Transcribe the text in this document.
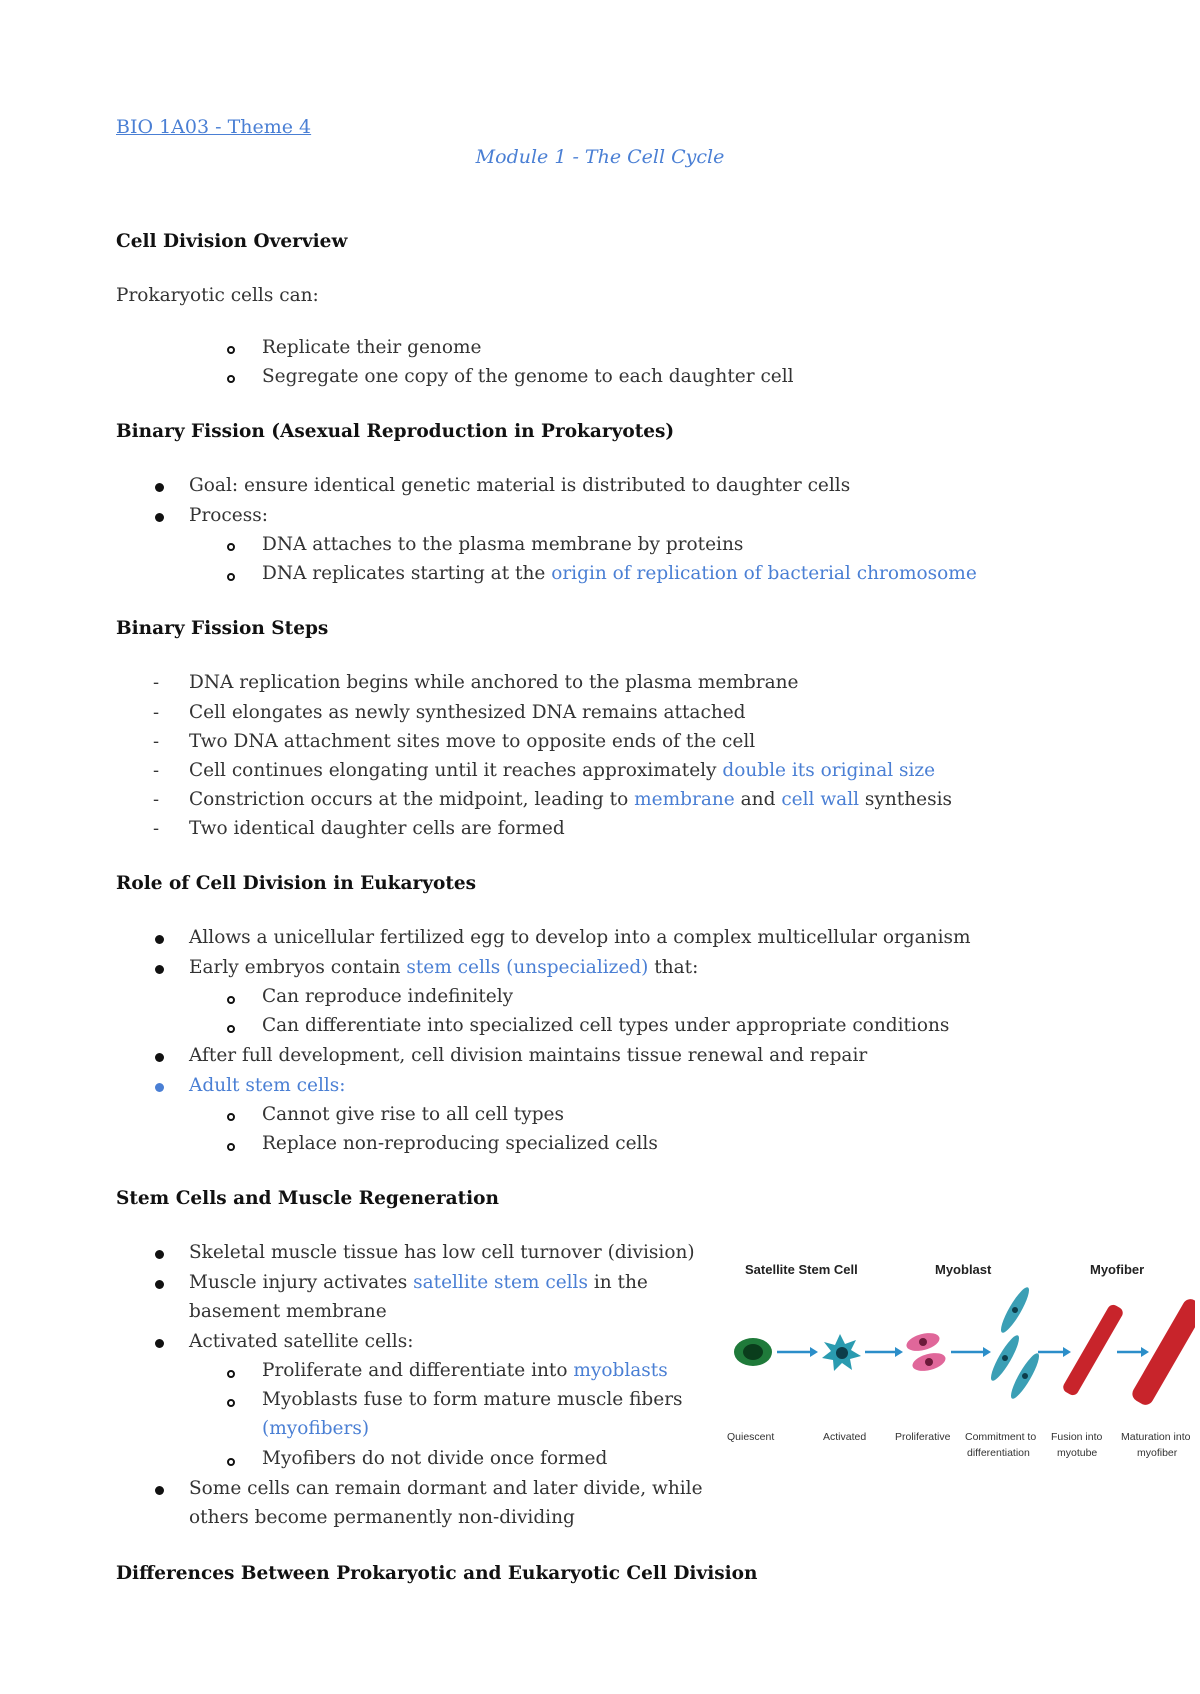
BIO 1A03 - Theme 4
Module 1 - The Cell Cycle
Cell Division Overview
Prokaryotic cells can:
Replicate their genome
Segregate one copy of the genome to each daughter cell
Binary Fission (Asexual Reproduction in Prokaryotes)
Goal: ensure identical genetic material is distributed to daughter cells
Process:
DNA attaches to the plasma membrane by proteins
DNA replicates starting at the origin of replication of bacterial chromosome
Binary Fission Steps
- DNA replication begins while anchored to the plasma membrane
- Cell elongates as newly synthesized DNA remains attached
- Two DNA attachment sites move to opposite ends of the cell
- Cell continues elongating until it reaches approximately double its original size
- Constriction occurs at the midpoint, leading to membrane and cell wall synthesis
- Two identical daughter cells are formed
Role of Cell Division in Eukaryotes
Allows a unicellular fertilized egg to develop into a complex multicellular organism
Early embryos contain stem cells (unspecialized) that:
Can reproduce indefinitely
Can differentiate into specialized cell types under appropriate conditions
After full development, cell division maintains tissue renewal and repair
Adult stem cells:
Cannot give rise to all cell types
Replace non-reproducing specialized cells
Stem Cells and Muscle Regeneration
Skeletal muscle tissue has low cell turnover (division)
Muscle injury activates satellite stem cells in the
basement membrane
Activated satellite cells:
Proliferate and differentiate into myoblasts
Myoblasts fuse to form mature muscle fibers
(myofibers)
Myofibers do not divide once formed
Some cells can remain dormant and later divide, while
others become permanently non-dividing
Satellite Stem Cell	Myoblast	Myofiber
Quiescent	Activated	Proliferative Commitment to
differentiation
Fusion into
myotube
Maturation into
myofiber
Differences Between Prokaryotic and Eukaryotic Cell Division
